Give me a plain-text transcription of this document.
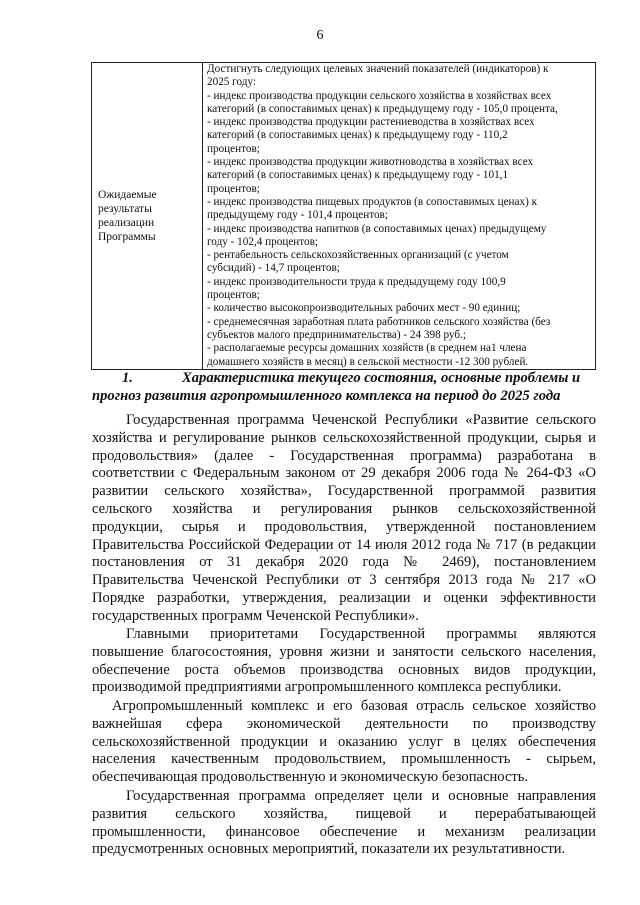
6
Ожидаемые
результаты
реализации
Программы

Достигнуть следующих целевых значений показателей (индикаторов) к
2025 году:
- индекс производства продукции сельского хозяйства в хозяйствах всех
категорий (в сопоставимых ценах) к предыдущему году - 105,0 процента,
- индекс производства продукции растениеводства в хозяйствах всех
категорий (в сопоставимых ценах) к предыдущему году - 110,2
процентов;
- индекс производства продукции животноводства в хозяйствах всех
категорий (в сопоставимых ценах) к предыдущему году - 101,1
процентов;
- индекс производства пищевых продуктов (в сопоставимых ценах) к
предыдущему году - 101,4 процентов;
- индекс производства напитков (в сопоставимых ценах) предыдущему
году - 102,4 процентов;
- рентабельность сельскохозяйственных организаций (с учетом
субсидий) - 14,7 процентов;
- индекс производительности труда к предыдущему году 100,9
процентов;
- количество высокопроизводительных рабочих мест - 90 единиц;
- среднемесячная заработная плата работников сельского хозяйства (без
субъектов малого предпринимательства) - 24 398 руб.;
- располагаемые ресурсы домашних хозяйств (в среднем на1 члена
домашнего хозяйств в месяц) в сельской местности -12 300 рублей.
1.	Характеристика текущего состояния, основные проблемы и
прогноз развития агропромышленного комплекса на период до 2025 года
Государственная программа Чеченской Республики «Развитие сельского
хозяйства и регулирование рынков сельскохозяйственной продукции, сырья и
продовольствия» (далее - Государственная программа) разработана в
соответствии с Федеральным законом от 29 декабря 2006 года № 264-ФЗ «О
развитии сельского хозяйства», Государственной программой развития
сельского хозяйства и регулирования рынков сельскохозяйственной
продукции, сырья и продовольствия, утвержденной постановлением
Правительства Российской Федерации от 14 июля 2012 года № 717 (в редакции
постановления от 31 декабря 2020 года № 2469), постановлением
Правительства Чеченской Республики от 3 сентября 2013 года № 217 «О
Порядке разработки, утверждения, реализации и оценки эффективности
государственных программ Чеченской Республики».
Главными приоритетами Государственной программы являются
повышение благосостояния, уровня жизни и занятости сельского населения,
обеспечение роста объемов производства основных видов продукции,
производимой предприятиями агропромышленного комплекса республики.
Агропромышленный комплекс и его базовая отрасль сельское хозяйство
важнейшая сфера экономической деятельности по производству
сельскохозяйственной продукции и оказанию услуг в целях обеспечения
населения качественным продовольствием, промышленность - сырьем,
обеспечивающая продовольственную и экономическую безопасность.
Государственная программа определяет цели и основные направления
развития сельского хозяйства, пищевой и перерабатывающей
промышленности, финансовое обеспечение и механизм реализации
предусмотренных основных мероприятий, показатели их результативности.
